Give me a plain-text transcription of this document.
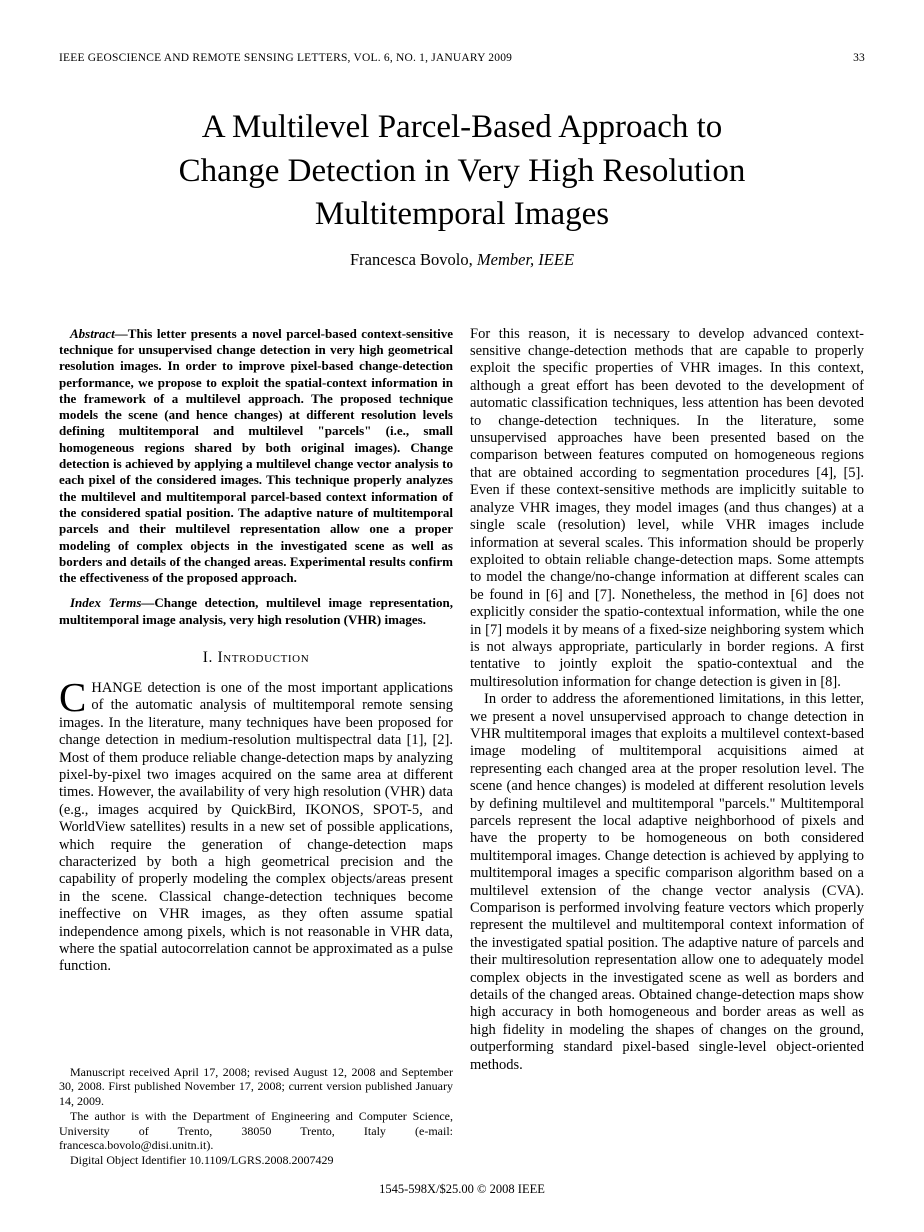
IEEE GEOSCIENCE AND REMOTE SENSING LETTERS, VOL. 6, NO. 1, JANUARY 2009	33
A Multilevel Parcel-Based Approach to
Change Detection in Very High Resolution
Multitemporal Images
Francesca Bovolo, Member, IEEE

Abstract—This letter presents a novel parcel-based context-sensitive technique for unsupervised change detection in very high geometrical resolution images. In order to improve pixel-based change-detection performance, we propose to exploit the spatial-context information in the framework of a multilevel approach. The proposed technique models the scene (and hence changes) at different resolution levels defining multitemporal and multilevel "parcels" (i.e., small homogeneous regions shared by both original images). Change detection is achieved by applying a multilevel change vector analysis to each pixel of the considered images. This technique properly analyzes the multilevel and multitemporal parcel-based context information of the considered spatial position. The adaptive nature of multitemporal parcels and their multilevel representation allow one a proper modeling of complex objects in the investigated scene as well as borders and details of the changed areas. Experimental results confirm the effectiveness of the proposed approach.

Index Terms—Change detection, multilevel image representation, multitemporal image analysis, very high resolution (VHR) images.

I. Introduction

CHANGE detection is one of the most important applications of the automatic analysis of multitemporal remote sensing images. In the literature, many techniques have been proposed for change detection in medium-resolution multispectral data [1], [2]. Most of them produce reliable change-detection maps by analyzing pixel-by-pixel two images acquired on the same area at different times. However, the availability of very high resolution (VHR) data (e.g., images acquired by QuickBird, IKONOS, SPOT-5, and WorldView satellites) results in a new set of possible applications, which require the generation of change-detection maps characterized by both a high geometrical precision and the capability of properly modeling the complex objects/areas present in the scene. Classical change-detection techniques become ineffective on VHR images, as they often assume spatial independence among pixels, which is not reasonable in VHR data, where the spatial autocorrelation cannot be approximated as a pulse function.

Manuscript received April 17, 2008; revised August 12, 2008 and September 30, 2008. First published November 17, 2008; current version published January 14, 2009.

The author is with the Department of Engineering and Computer Science, University of Trento, 38050 Trento, Italy (e-mail: francesca.bovolo@disi.unitn.it).

Digital Object Identifier 10.1109/LGRS.2008.2007429

For this reason, it is necessary to develop advanced context-sensitive change-detection methods that are capable to properly exploit the specific properties of VHR images. In this context, although a great effort has been devoted to the development of automatic classification techniques, less attention has been devoted to change-detection techniques. In the literature, some unsupervised approaches have been presented based on the comparison between features computed on homogeneous regions that are obtained according to segmentation procedures [4], [5]. Even if these context-sensitive methods are implicitly suitable to analyze VHR images, they model images (and thus changes) at a single scale (resolution) level, while VHR images include information at several scales. This information should be properly exploited to obtain reliable change-detection maps. Some attempts to model the change/no-change information at different scales can be found in [6] and [7]. Nonetheless, the method in [6] does not explicitly consider the spatio-contextual information, while the one in [7] models it by means of a fixed-size neighboring system which is not always appropriate, particularly in border regions. A first tentative to jointly exploit the spatio-contextual and the multiresolution information for change detection is given in [8].

In order to address the aforementioned limitations, in this letter, we present a novel unsupervised approach to change detection in VHR multitemporal images that exploits a multilevel context-based image modeling of multitemporal acquisitions aimed at representing each changed area at the proper resolution level. The scene (and hence changes) is modeled at different resolution levels by defining multilevel and multitemporal "parcels." Multitemporal parcels represent the local adaptive neighborhood of pixels and have the property to be homogeneous on both considered multitemporal images. Change detection is achieved by applying to multitemporal images a specific comparison algorithm based on a multilevel extension of the change vector analysis (CVA). Comparison is performed involving feature vectors which properly represent the multilevel and multitemporal context information of the investigated spatial position. The adaptive nature of parcels and their multiresolution representation allow one to adequately model complex objects in the investigated scene as well as borders and details of the changed areas. Obtained change-detection maps show high accuracy in both homogeneous and border areas as well as high fidelity in modeling the shapes of changes on the ground, outperforming standard pixel-based single-level object-oriented methods.

1545-598X/$25.00 © 2008 IEEE
